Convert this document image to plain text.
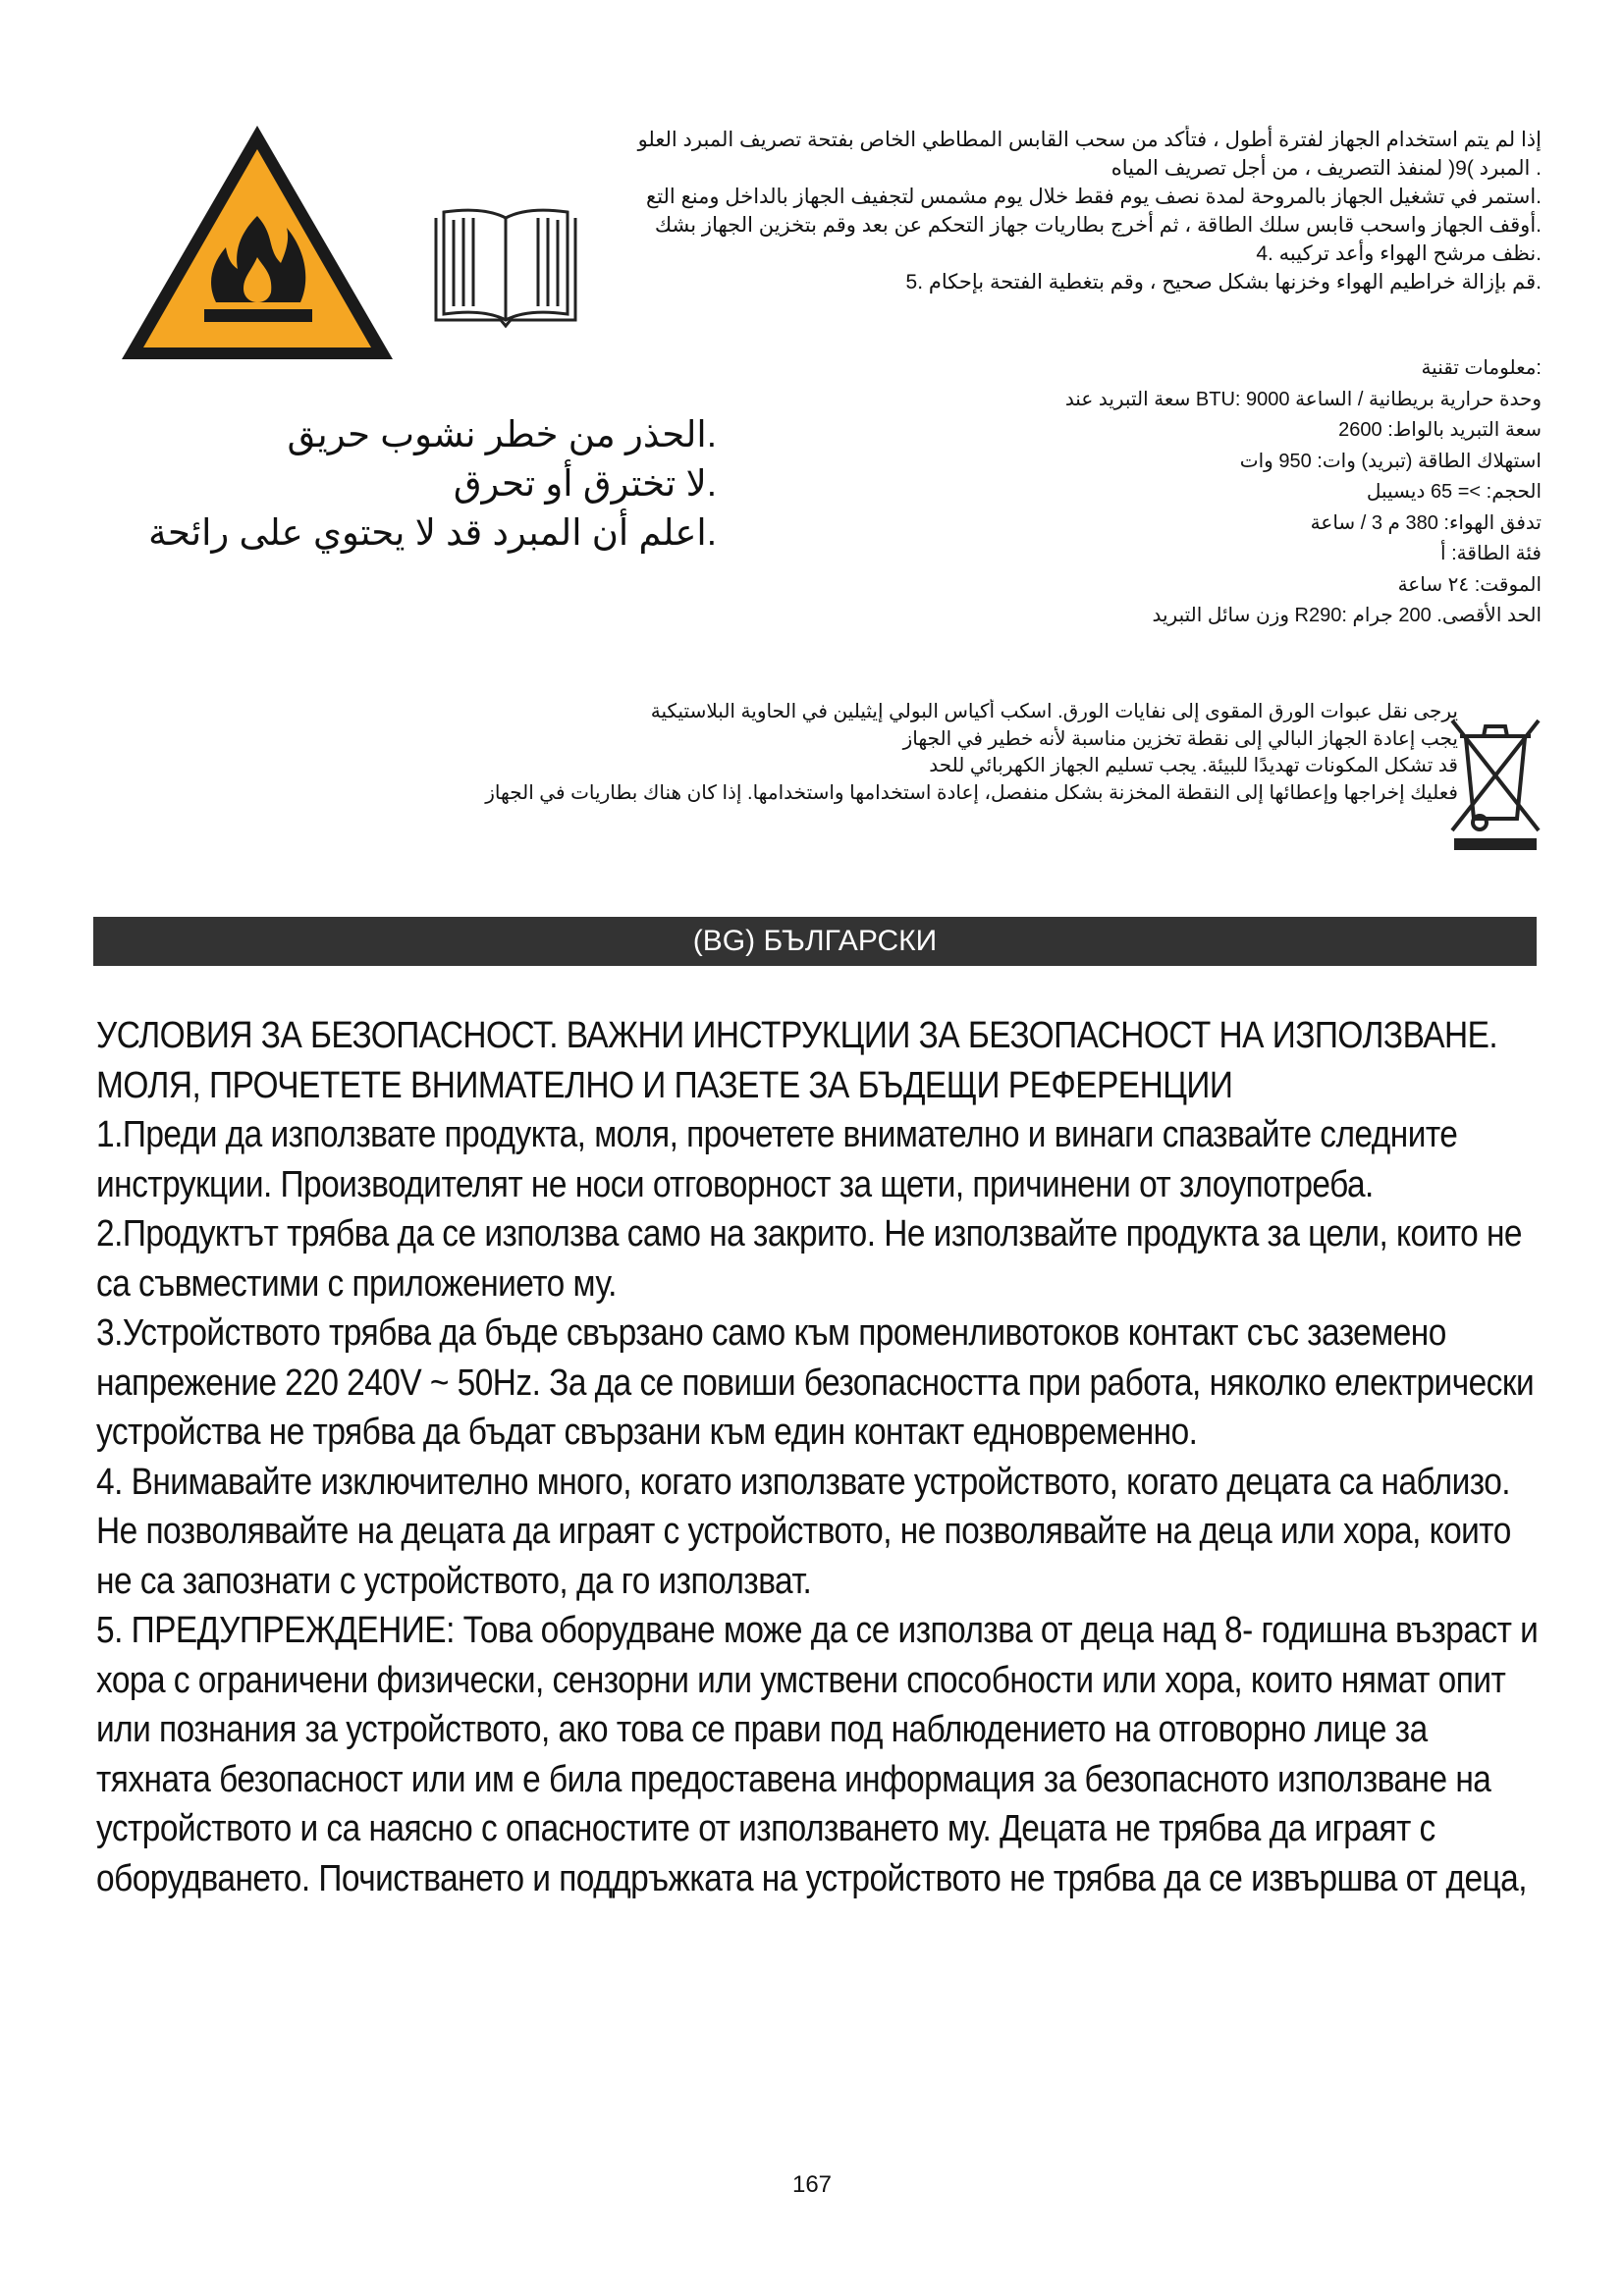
إذا لم يتم استخدام الجهاز لفترة أطول ، فتأكد من سحب القابس المطاطي الخاص بفتحة تصريف المبرد العلو
. المبرد )9( لمنفذ التصريف ، من أجل تصريف المياه
.استمر في تشغيل الجهاز بالمروحة لمدة نصف يوم فقط خلال يوم مشمس لتجفيف الجهاز بالداخل ومنع التع
.أوقف الجهاز واسحب قابس سلك الطاقة ، ثم أخرج بطاريات جهاز التحكم عن بعد وقم بتخزين الجهاز بشك
.نظف مرشح الهواء وأعد تركيبه .4
.قم بإزالة خراطيم الهواء وخزنها بشكل صحيح ، وقم بتغطية الفتحة بإحكام .5
.الحذر من خطر نشوب حريق
.لا تخترق أو تحرق
.اعلم أن المبرد قد لا يحتوي على رائحة
:معلومات تقنية
وحدة حرارية بريطانية / الساعة BTU: 9000 سعة التبريد عند
سعة التبريد بالواط: 2600
استهلاك الطاقة (تبريد) وات: 950 وات
الحجم: >= 65 ديسيبل
تدفق الهواء: 380 م 3 / ساعة
فئة الطاقة: أ
الموقت: ٢٤ ساعة
الحد الأقصى. 200 جرام :R290 وزن سائل التبريد
يرجى نقل عبوات الورق المقوى إلى نفايات الورق. اسكب أكياس البولي إيثيلين في الحاوية البلاستيكية
يجب إعادة الجهاز البالي إلى نقطة تخزين مناسبة لأنه خطير في الجهاز
قد تشكل المكونات تهديدًا للبيئة. يجب تسليم الجهاز الكهربائي للحد
فعليك إخراجها وإعطائها إلى النقطة المخزنة بشكل منفصل، إعادة استخدامها واستخدامها. إذا كان هناك بطاريات في الجهاز
(BG) БЪЛГАРСКИ

УСЛОВИЯ ЗА БЕЗОПАСНОСТ. ВАЖНИ ИНСТРУКЦИИ ЗА БЕЗОПАСНОСТ НА ИЗПОЛЗВАНЕ. МОЛЯ, ПРОЧЕТЕТЕ ВНИМАТЕЛНО И ПАЗЕТЕ ЗА БЪДЕЩИ РЕФЕРЕНЦИИ

1.Преди да използвате продукта, моля, прочетете внимателно и винаги спазвайте следните инструкции. Производителят не носи отговорност за щети, причинени от злоупотреба.

2.Продуктът трябва да се използва само на закрито. Не използвайте продукта за цели, които не са съвместими с приложението му.

3.Устройството трябва да бъде свързано само към променливотоков контакт със заземено напрежение 220 240V ~ 50Hz. За да се повиши безопасността при работа, няколко електрически устройства не трябва да бъдат свързани към един контакт едновременно.

4. Внимавайте изключително много, когато използвате устройството, когато децата са наблизо. Не позволявайте на децата да играят с устройството, не позволявайте на деца или хора, които не са запознати с устройството, да го използват.

5. ПРЕДУПРЕЖДЕНИЕ: Това оборудване може да се използва от деца над 8- годишна възраст и хора с ограничени физически, сензорни или умствени способности или хора, които нямат опит или познания за устройството, ако това се прави под наблюдението на отговорно лице за тяхната безопасност или им е била предоставена информация за безопасното използване на устройството и са наясно с опасностите от използването му. Децата не трябва да играят с оборудването. Почистването и поддръжката на устройството не трябва да се извършва от деца,

167
